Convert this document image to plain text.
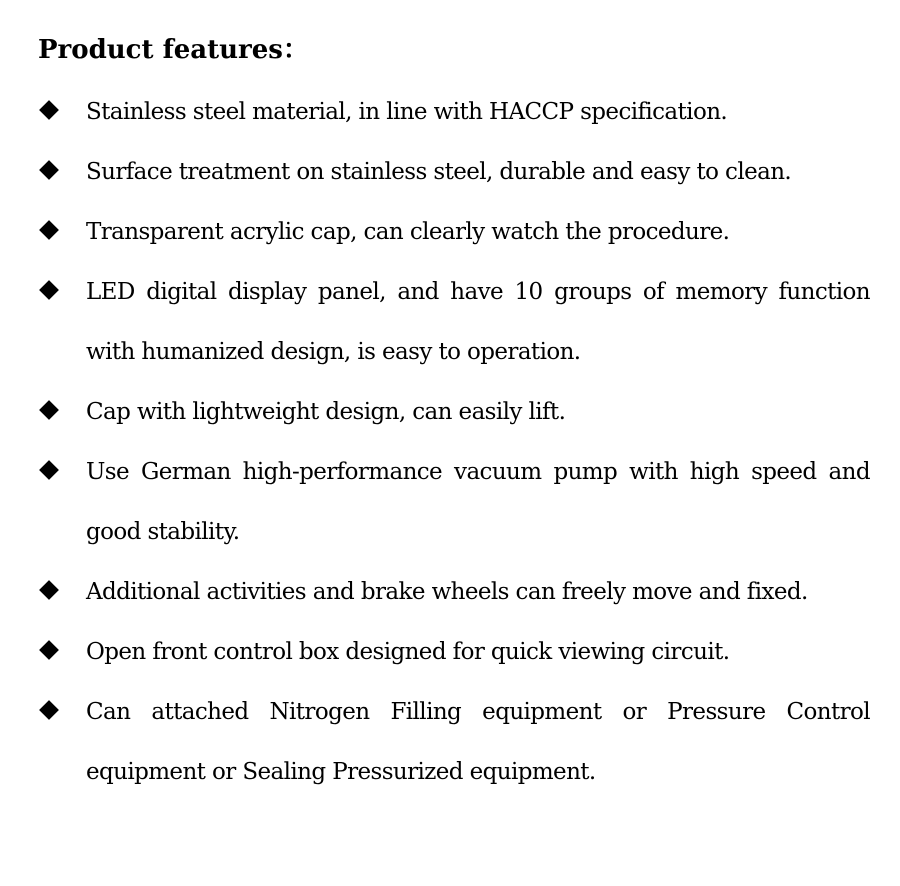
Product features：
Stainless steel material, in line with HACCP specification.
Surface treatment on stainless steel, durable and easy to clean.
Transparent acrylic cap, can clearly watch the procedure.
LED digital display panel, and have 10 groups of memory function with humanized design, is easy to operation.
Cap with lightweight design, can easily lift.
Use German high-performance vacuum pump with high speed and good stability.
Additional activities and brake wheels can freely move and fixed.
Open front control box designed for quick viewing circuit.
Can attached Nitrogen Filling equipment or Pressure Control equipment or Sealing Pressurized equipment.
